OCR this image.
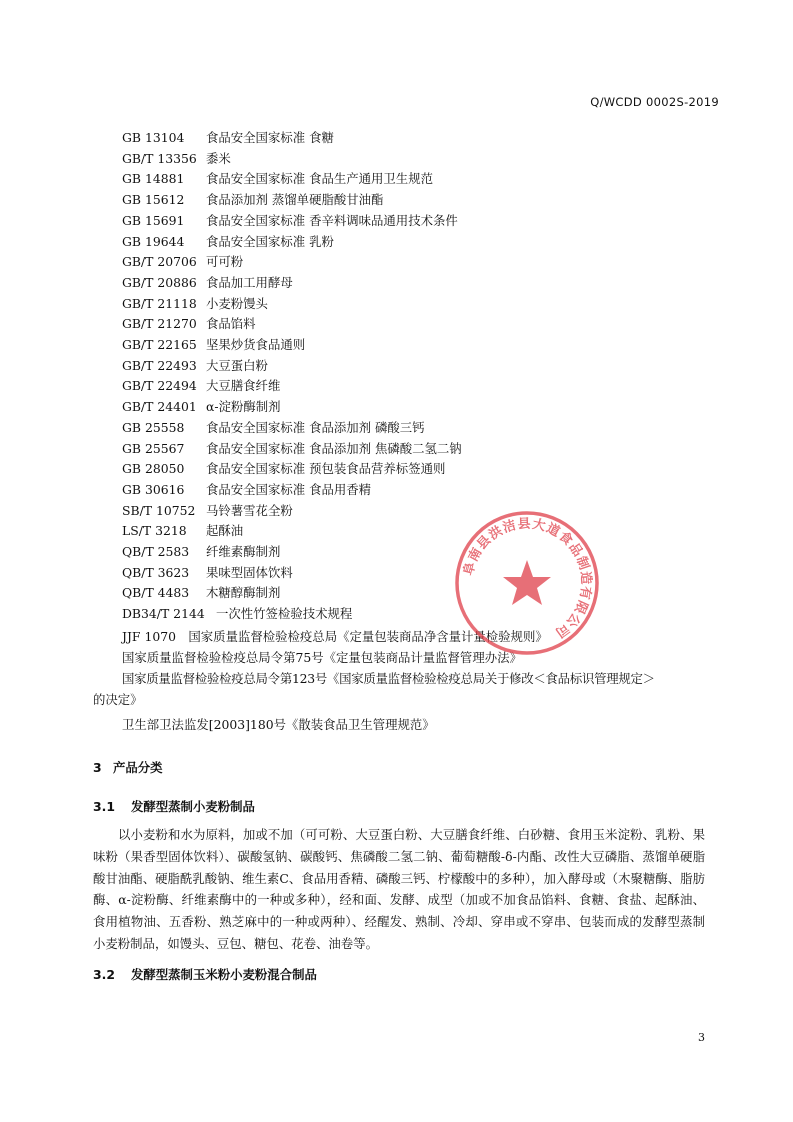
Q/WCDD 0002S-2019
GB 13104 食品安全国家标准 食糖
GB/T 13356 黍米
GB 14881 食品安全国家标准 食品生产通用卫生规范
GB 15612 食品添加剂 蒸馏单硬脂酸甘油酯
GB 15691 食品安全国家标准 香辛料调味品通用技术条件
GB 19644 食品安全国家标准 乳粉
GB/T 20706 可可粉
GB/T 20886 食品加工用酵母
GB/T 21118 小麦粉馒头
GB/T 21270 食品馅料
GB/T 22165 坚果炒货食品通则
GB/T 22493 大豆蛋白粉
GB/T 22494 大豆膳食纤维
GB/T 24401 α-淀粉酶制剂
GB 25558 食品安全国家标准 食品添加剂 磷酸三钙
GB 25567 食品安全国家标准 食品添加剂 焦磷酸二氢二钠
GB 28050 食品安全国家标准 预包装食品营养标签通则
GB 30616 食品安全国家标准 食品用香精
SB/T 10752 马铃薯雪花全粉
LS/T 3218 起酥油
QB/T 2583 纤维素酶制剂
QB/T 3623 果味型固体饮料
QB/T 4483 木糖醇酶制剂
DB34/T 2144 一次性竹签检验技术规程
JJF 1070　国家质量监督检验检疫总局《定量包装商品净含量计量检验规则》
国家质量监督检验检疫总局令第75号《定量包装商品计量监督管理办法》
国家质量监督检验检疫总局令第123号《国家质量监督检验检疫总局关于修改＜食品标识管理规定＞
的决定》
卫生部卫法监发[2003]180号《散装食品卫生管理规范》
3 产品分类
3.1 发酵型蒸制小麦粉制品
以小麦粉和水为原料，加或不加（可可粉、大豆蛋白粉、大豆膳食纤维、白砂糖、食用玉米淀粉、乳粉、果味粉（果香型固体饮料）、碳酸氢钠、碳酸钙、焦磷酸二氢二钠、葡萄糖酸-δ-内酯、改性大豆磷脂、蒸馏单硬脂酸甘油酯、硬脂酰乳酸钠、维生素C、食品用香精、磷酸三钙、柠檬酸中的多种），加入酵母或（木聚糖酶、脂肪酶、α-淀粉酶、纤维素酶中的一种或多种），经和面、发酵、成型（加或不加食品馅料、食糖、食盐、起酥油、食用植物油、五香粉、熟芝麻中的一种或两种）、经醒发、熟制、冷却、穿串或不穿串、包装而成的发酵型蒸制小麦粉制品，如馒头、豆包、糖包、花卷、油卷等。
3.2 发酵型蒸制玉米粉小麦粉混合制品
3
阜南县洪洁县大道食品制造有限公司
